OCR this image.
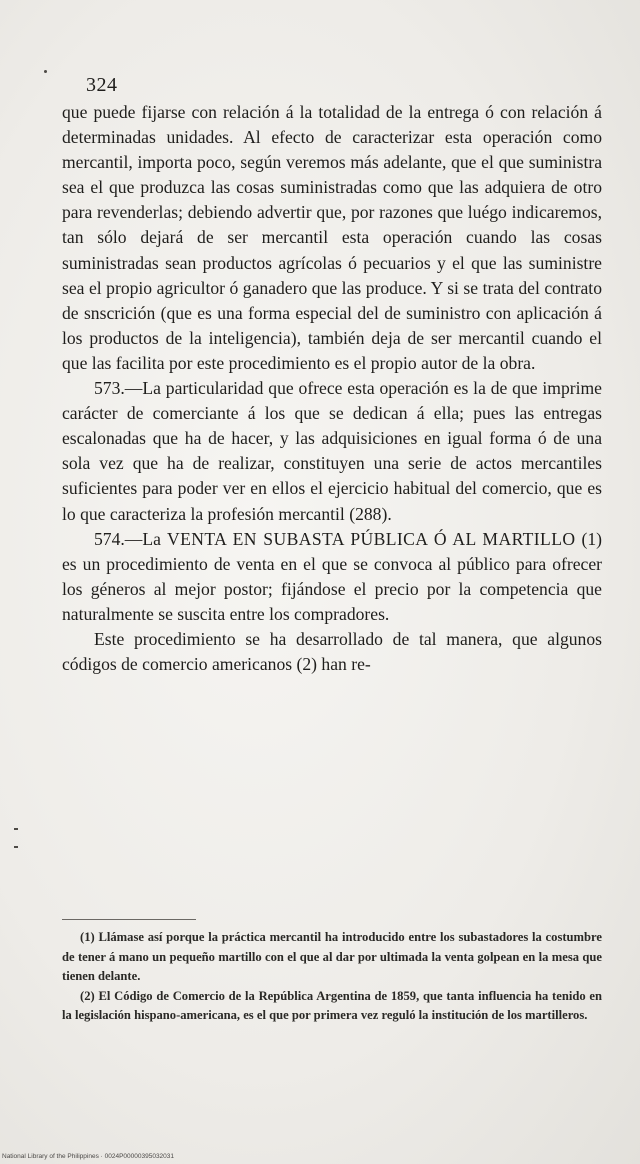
324

que puede fijarse con relación á la totalidad de la entrega ó con relación á determinadas unidades. Al efecto de caracterizar esta operación como mercantil, importa poco, según veremos más adelante, que el que suministra sea el que produzca las cosas suministradas como que las adquiera de otro para revenderlas; debiendo advertir que, por razones que luégo indicaremos, tan sólo dejará de ser mercantil esta operación cuando las cosas suministradas sean productos agrícolas ó pecuarios y el que las suministre sea el propio agricultor ó ganadero que las produce. Y si se trata del contrato de snscrición (que es una forma especial del de suministro con aplicación á los productos de la inteligencia), también deja de ser mercantil cuando el que las facilita por este procedimiento es el propio autor de la obra.

573.—La particularidad que ofrece esta operación es la de que imprime carácter de comerciante á los que se dedican á ella; pues las entregas escalonadas que ha de hacer, y las adquisiciones en igual forma ó de una sola vez que ha de realizar, constituyen una serie de actos mercantiles suficientes para poder ver en ellos el ejercicio habitual del comercio, que es lo que caracteriza la profesión mercantil (288).

574.—La VENTA EN SUBASTA PÚBLICA Ó AL MARTILLO (1) es un procedimiento de venta en el que se convoca al público para ofrecer los géneros al mejor postor; fijándose el precio por la competencia que naturalmente se suscita entre los compradores.

Este procedimiento se ha desarrollado de tal manera, que algunos códigos de comercio americanos (2) han re-

(1) Llámase así porque la práctica mercantil ha introducido entre los subastadores la costumbre de tener á mano un pequeño martillo con el que al dar por ultimada la venta golpean en la mesa que tienen delante.

(2) El Código de Comercio de la República Argentina de 1859, que tanta influencia ha tenido en la legislación hispano-americana, es el que por primera vez reguló la institución de los martilleros.

National Library of the Philippines · 0024P00000395032031
